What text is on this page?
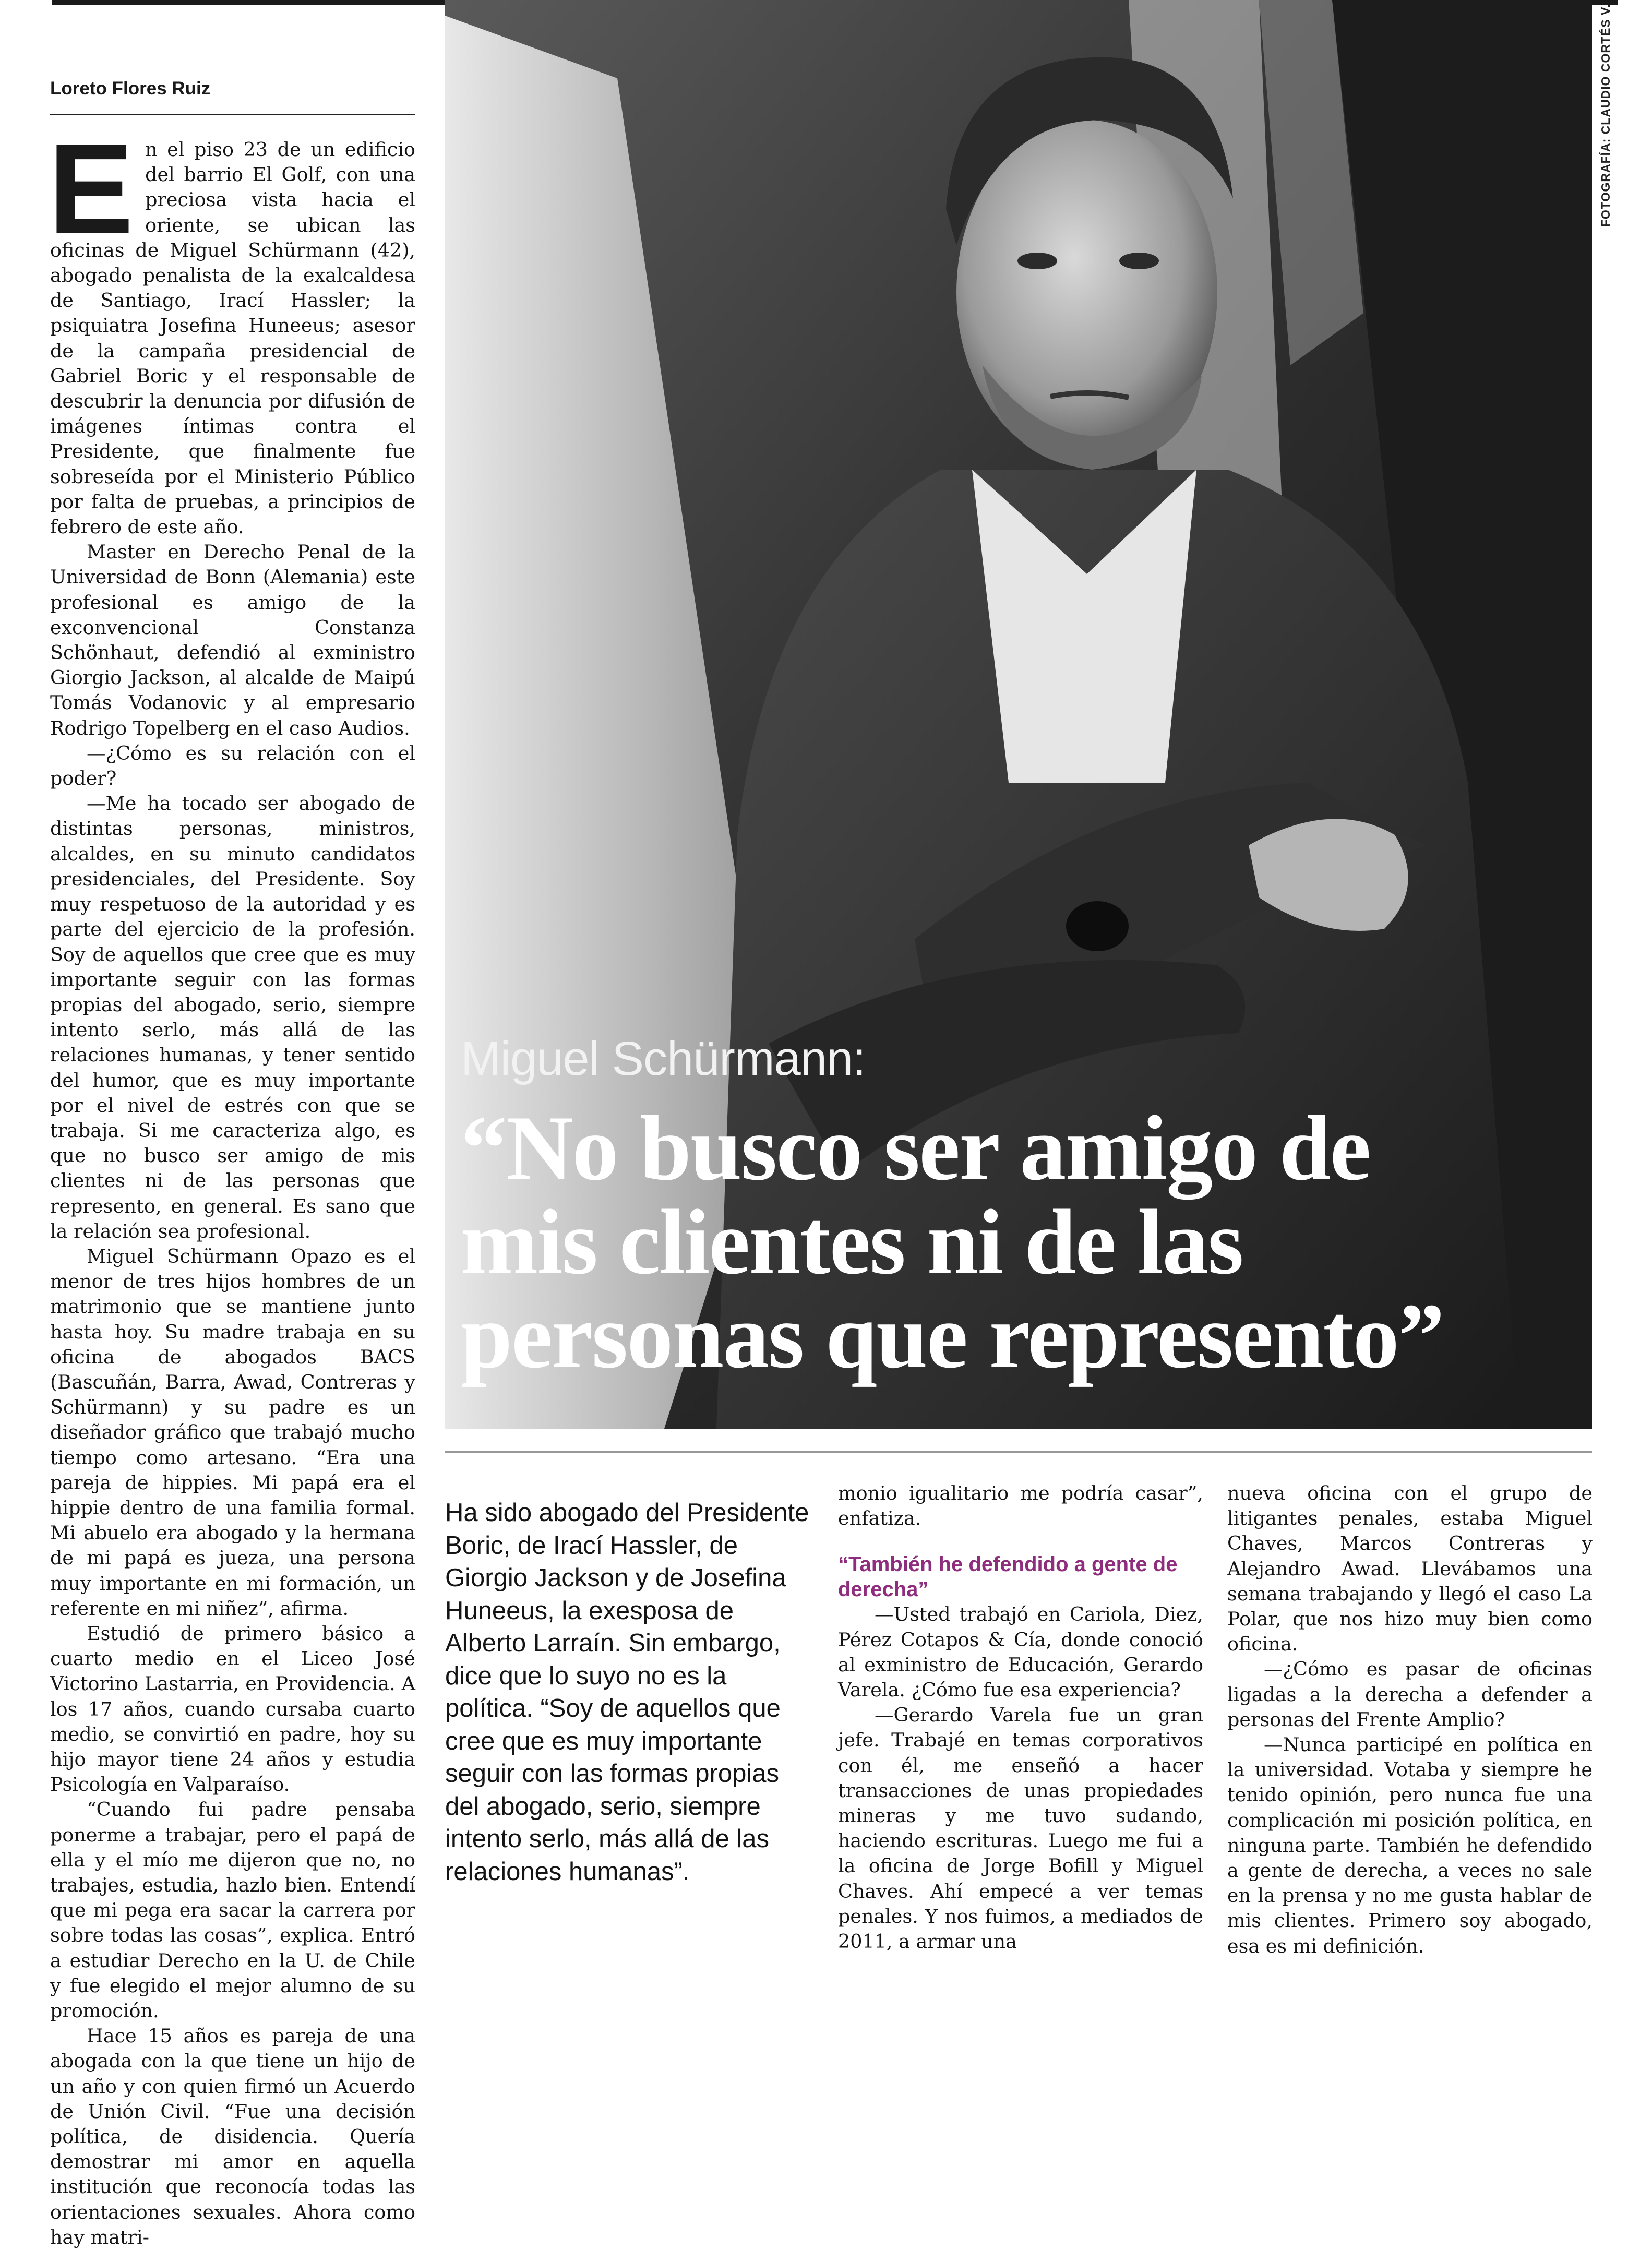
Loreto Flores Ruiz

En el piso 23 de un edificio del barrio El Golf, con una preciosa vista hacia el oriente, se ubican las oficinas de Miguel Schürmann (42), abogado penalista de la exalcaldesa de Santiago, Irací Hassler; la psiquiatra Josefina Huneeus; asesor de la campaña presidencial de Gabriel Boric y el responsable de descubrir la denuncia por difusión de imágenes íntimas contra el Presidente, que finalmente fue sobreseída por el Ministerio Público por falta de pruebas, a principios de febrero de este año.

Master en Derecho Penal de la Universidad de Bonn (Alemania) este profesional es amigo de la exconvencional Constanza Schönhaut, defendió al exministro Giorgio Jackson, al alcalde de Maipú Tomás Vodanovic y al empresario Rodrigo Topelberg en el caso Audios.

—¿Cómo es su relación con el poder?

—Me ha tocado ser abogado de distintas personas, ministros, alcaldes, en su minuto candidatos presidenciales, del Presidente. Soy muy respetuoso de la autoridad y es parte del ejercicio de la profesión. Soy de aquellos que cree que es muy importante seguir con las formas propias del abogado, serio, siempre intento serlo, más allá de las relaciones humanas, y tener sentido del humor, que es muy importante por el nivel de estrés con que se trabaja. Si me caracteriza algo, es que no busco ser amigo de mis clientes ni de las personas que represento, en general. Es sano que la relación sea profesional.

Miguel Schürmann Opazo es el menor de tres hijos hombres de un matrimonio que se mantiene junto hasta hoy. Su madre trabaja en su oficina de abogados BACS (Bascuñán, Barra, Awad, Contreras y Schürmann) y su padre es un diseñador gráfico que trabajó mucho tiempo como artesano. “Era una pareja de hippies. Mi papá era el hippie dentro de una familia formal. Mi abuelo era abogado y la hermana de mi papá es jueza, una persona muy importante en mi formación, un referente en mi niñez”, afirma.

Estudió de primero básico a cuarto medio en el Liceo José Victorino Lastarria, en Providencia. A los 17 años, cuando cursaba cuarto medio, se convirtió en padre, hoy su hijo mayor tiene 24 años y estudia Psicología en Valparaíso.

“Cuando fui padre pensaba ponerme a trabajar, pero el papá de ella y el mío me dijeron que no, no trabajes, estudia, hazlo bien. Entendí que mi pega era sacar la carrera por sobre todas las cosas”, explica. Entró a estudiar Derecho en la U. de Chile y fue elegido el mejor alumno de su promoción.

Hace 15 años es pareja de una abogada con la que tiene un hijo de un año y con quien firmó un Acuerdo de Unión Civil. “Fue una decisión política, de disidencia. Quería demostrar mi amor en aquella institución que reconocía todas las orientaciones sexuales. Ahora como hay matri-

FOTOGRAFÍA: CLAUDIO CORTÉS V.
Miguel Schürmann:
“No busco ser amigo de
mis clientes ni de las
personas que represento”
Ha sido abogado del Presidente Boric, de Irací Hassler, de Giorgio Jackson y de Josefina Huneeus, la exesposa de Alberto Larraín. Sin embargo, dice que lo suyo no es la política. “Soy de aquellos que cree que es muy importante seguir con las formas propias del abogado, serio, siempre intento serlo, más allá de las relaciones humanas”.

monio igualitario me podría casar”, enfatiza.

“También he defendido a gente de derecha”

—Usted trabajó en Cariola, Diez, Pérez Cotapos & Cía, donde conoció al exministro de Educación, Gerardo Varela. ¿Cómo fue esa experiencia?

—Gerardo Varela fue un gran jefe. Trabajé en temas corporativos con él, me enseñó a hacer transacciones de unas propiedades mineras y me tuvo sudando, haciendo escrituras. Luego me fui a la oficina de Jorge Bofill y Miguel Chaves. Ahí empecé a ver temas penales. Y nos fuimos, a mediados de 2011, a armar una

nueva oficina con el grupo de litigantes penales, estaba Miguel Chaves, Marcos Contreras y Alejandro Awad. Llevábamos una semana trabajando y llegó el caso La Polar, que nos hizo muy bien como oficina.

—¿Cómo es pasar de oficinas ligadas a la derecha a defender a personas del Frente Amplio?

—Nunca participé en política en la universidad. Votaba y siempre he tenido opinión, pero nunca fue una complicación mi posición política, en ninguna parte. También he defendido a gente de derecha, a veces no sale en la prensa y no me gusta hablar de mis clientes. Primero soy abogado, esa es mi definición.
